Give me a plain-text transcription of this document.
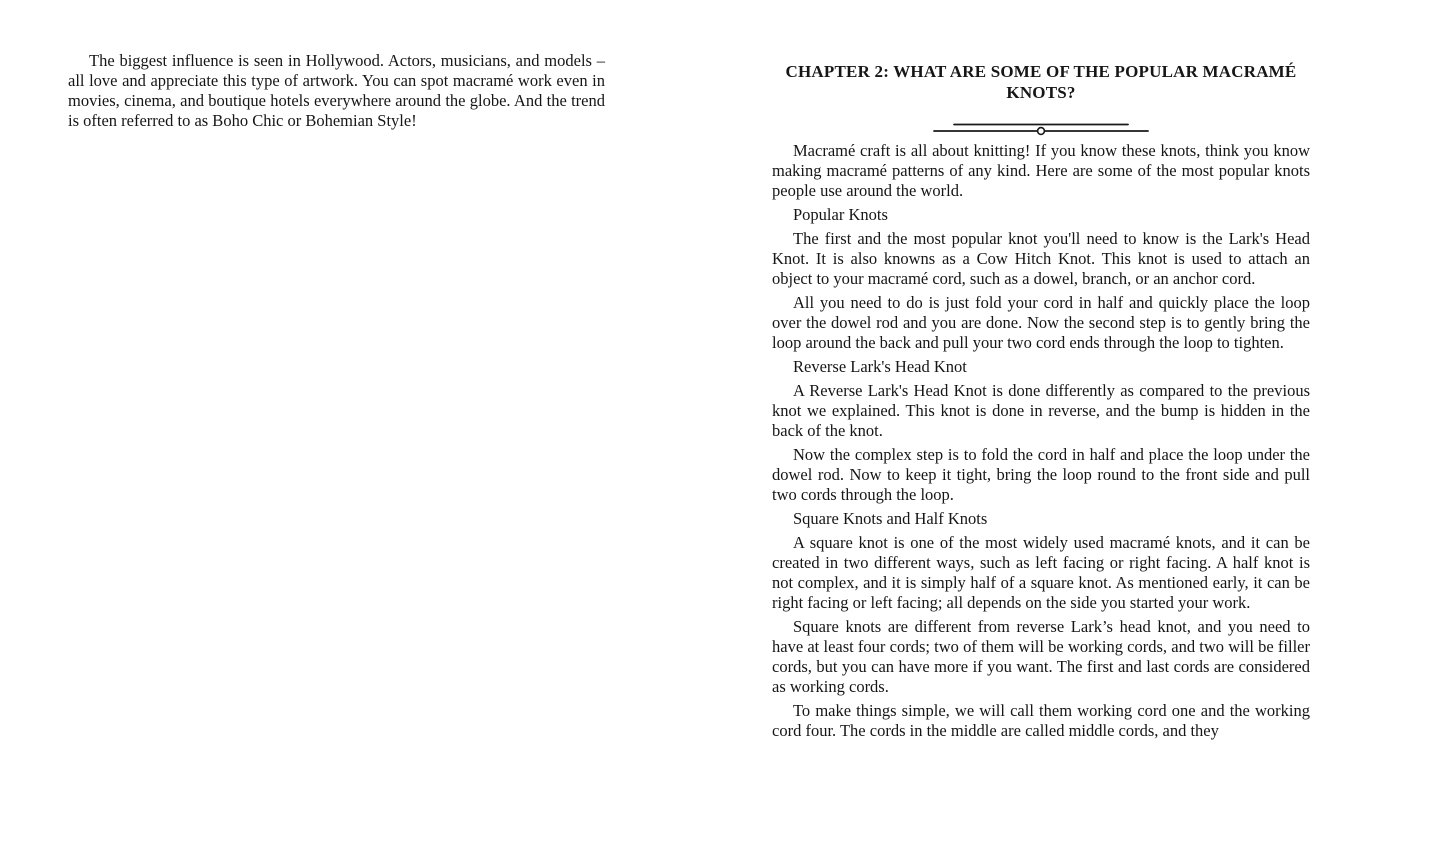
The biggest influence is seen in Hollywood. Actors, musicians, and models – all love and appreciate this type of artwork. You can spot macramé work even in movies, cinema, and boutique hotels everywhere around the globe. And the trend is often referred to as Boho Chic or Bohemian Style!

CHAPTER 2: WHAT ARE SOME OF THE POPULAR MACRAMÉ KNOTS?

Macramé craft is all about knitting! If you know these knots, think you know making macramé patterns of any kind. Here are some of the most popular knots people use around the world.

Popular Knots

The first and the most popular knot you'll need to know is the Lark's Head Knot. It is also knowns as a Cow Hitch Knot. This knot is used to attach an object to your macramé cord, such as a dowel, branch, or an anchor cord.

All you need to do is just fold your cord in half and quickly place the loop over the dowel rod and you are done. Now the second step is to gently bring the loop around the back and pull your two cord ends through the loop to tighten.

Reverse Lark's Head Knot

A Reverse Lark's Head Knot is done differently as compared to the previous knot we explained. This knot is done in reverse, and the bump is hidden in the back of the knot.

Now the complex step is to fold the cord in half and place the loop under the dowel rod. Now to keep it tight, bring the loop round to the front side and pull two cords through the loop.

Square Knots and Half Knots

A square knot is one of the most widely used macramé knots, and it can be created in two different ways, such as left facing or right facing. A half knot is not complex, and it is simply half of a square knot. As mentioned early, it can be right facing or left facing; all depends on the side you started your work.

Square knots are different from reverse Lark’s head knot, and you need to have at least four cords; two of them will be working cords, and two will be filler cords, but you can have more if you want. The first and last cords are considered as working cords.

To make things simple, we will call them working cord one and the working cord four. The cords in the middle are called middle cords, and they
